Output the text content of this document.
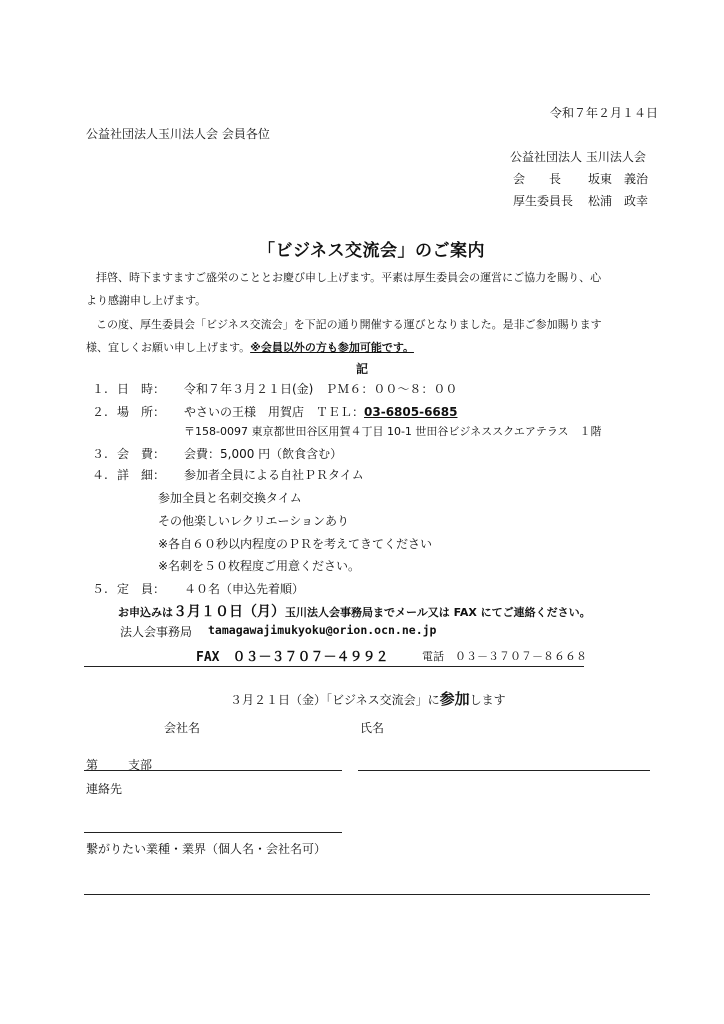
令和７年２月１４日
公益社団法人玉川法人会 会員各位
公益社団法人 玉川法人会
会　　長 坂東　義治
厚生委員長 松浦　政幸
「ビジネス交流会」のご案内
拝啓、時下ますますご盛栄のこととお慶び申し上げます。平素は厚生委員会の運営にご協力を賜り、心
より感謝申し上げます。
この度、厚生委員会「ビジネス交流会」を下記の通り開催する運びとなりました。是非ご参加賜ります
様、宜しくお願い申し上げます。※会員以外の方も参加可能です。
記
１. 日　時： 令和７年３月２１日(金)　ＰＭ６：００～８：００
２. 場　所： やさいの王様　用賀店　ＴＥＬ：03-6805-6685
〒158-0097 東京都世田谷区用賀４丁目 10-1 世田谷ビジネススクエアテラス　１階
３. 会　費： 会費：5,000 円（飲食含む）
４. 詳　細： 参加者全員による自社ＰＲタイム
参加全員と名刺交換タイム
その他楽しいレクリエーションあり
※各自６０秒以内程度のＰＲを考えてきてください
※名刺を５０枚程度ご用意ください。
５. 定　員： ４０名（申込先着順）
お申込みは３月１０日（月）玉川法人会事務局までメール又は FAX にてご連絡ください。
法人会事務局 tamagawajimukyoku@orion.ocn.ne.jp
FAX　０３－３７０７－４９９２	電話　０３－３７０７－８６６８
３月２１日（金）「ビジネス交流会」に参加します
会社名	氏名
第 支部
連絡先
繋がりたい業種・業界（個人名・会社名可）
